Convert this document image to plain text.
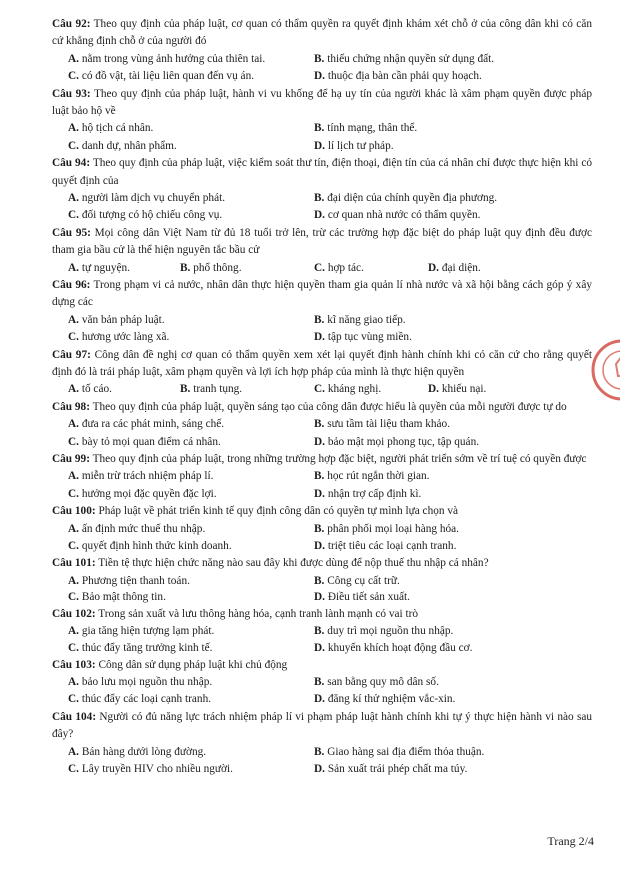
Câu 92: Theo quy định của pháp luật, cơ quan có thẩm quyền ra quyết định khám xét chỗ ở của công dân khi có căn cứ khẳng định chỗ ở của người đó
A. nằm trong vùng ảnh hưởng của thiên tai.	B. thiếu chứng nhận quyền sử dụng đất.
C. có đồ vật, tài liệu liên quan đến vụ án.	D. thuộc địa bàn cần phải quy hoạch.
Câu 93: Theo quy định của pháp luật, hành vi vu khống để hạ uy tín của người khác là xâm phạm quyền được pháp luật bảo hộ về
A. hộ tịch cá nhân.	B. tính mạng, thân thể.
C. danh dự, nhân phẩm.	D. lí lịch tư pháp.
Câu 94: Theo quy định của pháp luật, việc kiểm soát thư tín, điện thoại, điện tín của cá nhân chỉ được thực hiện khi có quyết định của
A. người làm dịch vụ chuyển phát.	B. đại diện của chính quyền địa phương.
C. đối tượng có hộ chiếu công vụ.	D. cơ quan nhà nước có thẩm quyền.
Câu 95: Mọi công dân Việt Nam từ đủ 18 tuổi trở lên, trừ các trường hợp đặc biệt do pháp luật quy định đều được tham gia bầu cử là thể hiện nguyên tắc bầu cử
A. tự nguyện.	B. phổ thông.	C. hợp tác.	D. đại diện.
Câu 96: Trong phạm vi cả nước, nhân dân thực hiện quyền tham gia quản lí nhà nước và xã hội bằng cách góp ý xây dựng các
A. văn bản pháp luật.	B. kĩ năng giao tiếp.
C. hương ước làng xã.	D. tập tục vùng miền.
Câu 97: Công dân đề nghị cơ quan có thẩm quyền xem xét lại quyết định hành chính khi có căn cứ cho rằng quyết định đó là trái pháp luật, xâm phạm quyền và lợi ích hợp pháp của mình là thực hiện quyền
A. tố cáo.	B. tranh tụng.	C. kháng nghị.	D. khiếu nại.
Câu 98: Theo quy định của pháp luật, quyền sáng tạo của công dân được hiểu là quyền của mỗi người được tự do
A. đưa ra các phát minh, sáng chế.	B. sưu tầm tài liệu tham khảo.
C. bày tỏ mọi quan điểm cá nhân.	D. bảo mật mọi phong tục, tập quán.
Câu 99: Theo quy định của pháp luật, trong những trường hợp đặc biệt, người phát triển sớm về trí tuệ có quyền được
A. miễn trừ trách nhiệm pháp lí.	B. học rút ngắn thời gian.
C. hưởng mọi đặc quyền đặc lợi.	D. nhận trợ cấp định kì.
Câu 100: Pháp luật về phát triển kinh tế quy định công dân có quyền tự mình lựa chọn và
A. ấn định mức thuế thu nhập.	B. phân phối mọi loại hàng hóa.
C. quyết định hình thức kinh doanh.	D. triệt tiêu các loại cạnh tranh.
Câu 101: Tiền tệ thực hiện chức năng nào sau đây khi được dùng để nộp thuế thu nhập cá nhân?
A. Phương tiện thanh toán.	B. Công cụ cất trữ.
C. Bảo mật thông tin.	D. Điều tiết sản xuất.
Câu 102: Trong sản xuất và lưu thông hàng hóa, cạnh tranh lành mạnh có vai trò
A. gia tăng hiện tượng lạm phát.	B. duy trì mọi nguồn thu nhập.
C. thúc đẩy tăng trưởng kinh tế.	D. khuyến khích hoạt động đầu cơ.
Câu 103: Công dân sử dụng pháp luật khi chủ động
A. bảo lưu mọi nguồn thu nhập.	B. san bằng quy mô dân số.
C. thúc đẩy các loại cạnh tranh.	D. đăng kí thử nghiệm vắc-xin.
Câu 104: Người có đủ năng lực trách nhiệm pháp lí vi phạm pháp luật hành chính khi tự ý thực hiện hành vi nào sau đây?
A. Bán hàng dưới lòng đường.	B. Giao hàng sai địa điểm thỏa thuận.
C. Lây truyền HIV cho nhiều người.	D. Sản xuất trái phép chất ma túy.
Trang 2/4
